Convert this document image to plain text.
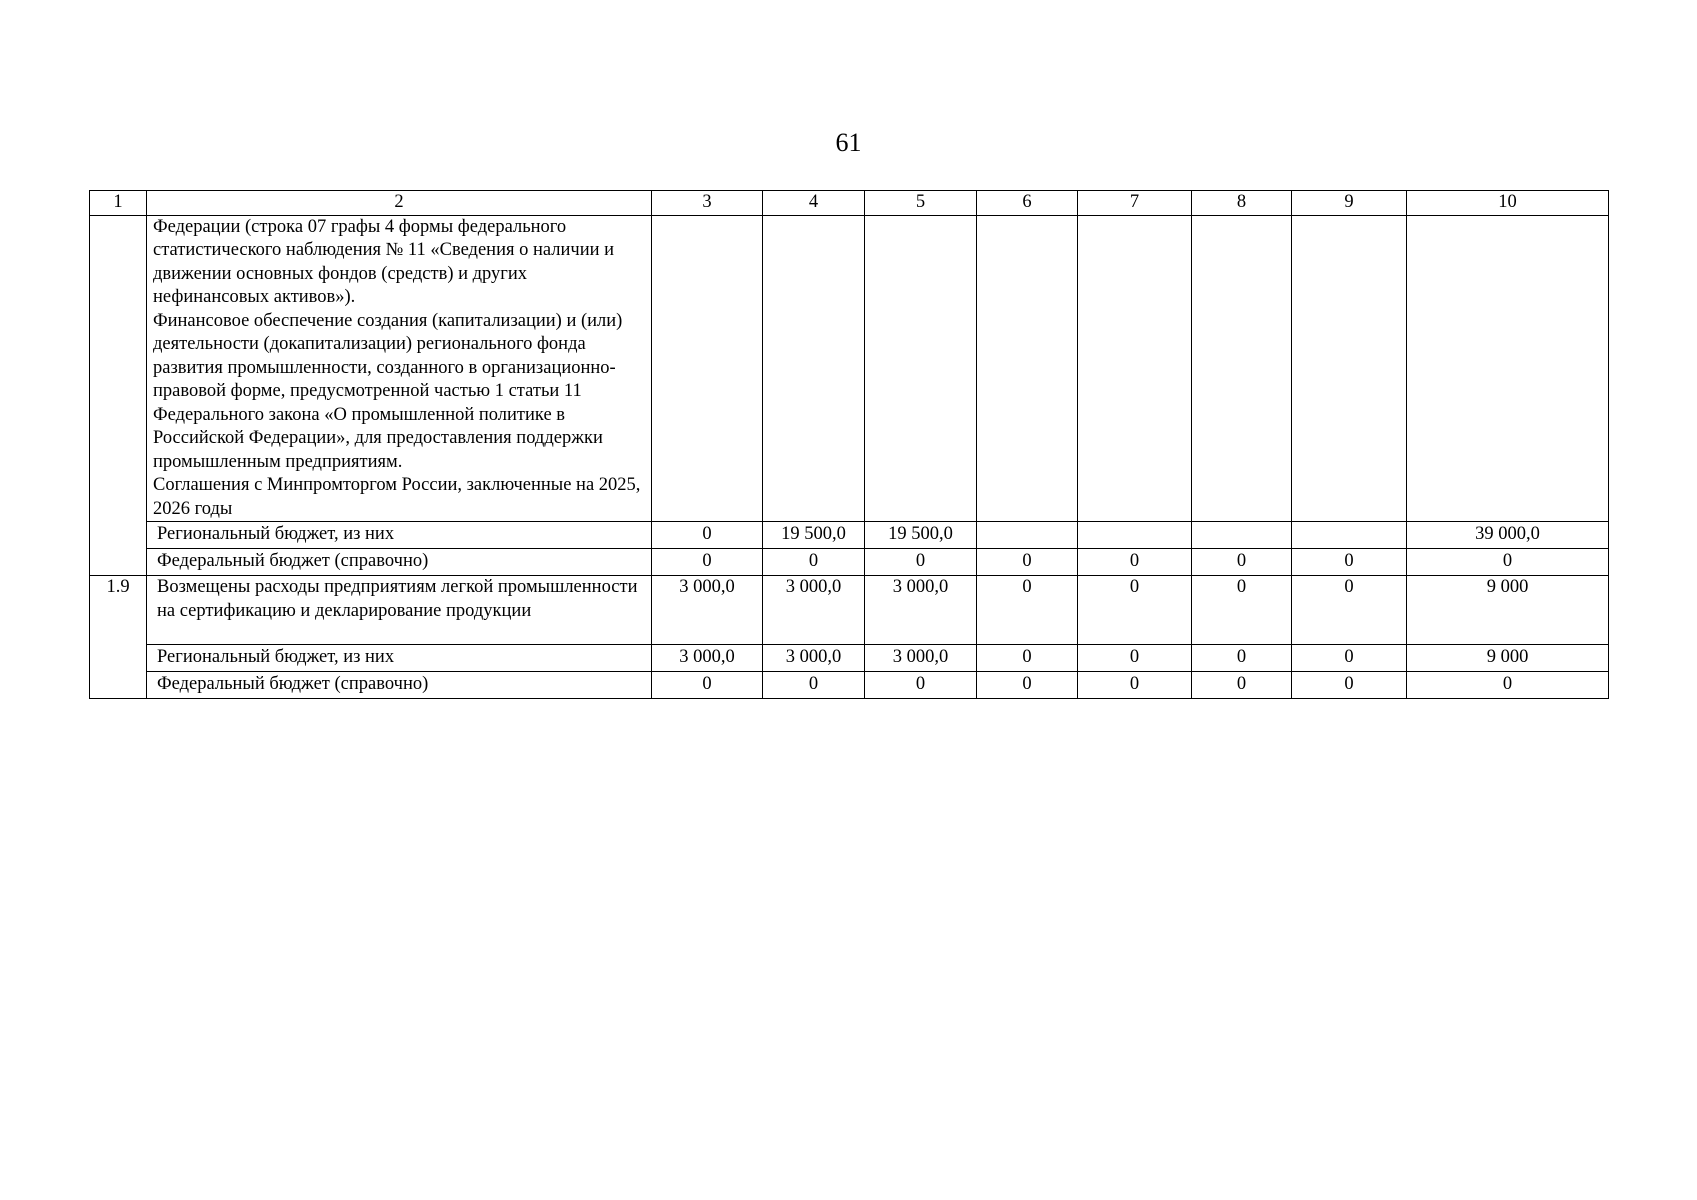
61
1	2	3	4	5	6	7	8	9	10

	Федерации (строка 07 графы 4 формы федерального статистического наблюдения № 11 «Сведения о наличии и движении основных фондов (средств) и других нефинансовых активов»).
Финансовое обеспечение создания (капитализации) и (или) деятельности (докапитализации) регионального фонда развития промышленности, созданного в организационно-правовой форме, предусмотренной частью 1 статьи 11 Федерального закона «О промышленной политике в Российской Федерации», для предоставления поддержки промышленным предприятиям.
Соглашения с Минпромторгом России, заключенные на 2025, 2026 годы								

	Региональный бюджет, из них	0	19 500,0	19 500,0					39 000,0
	Федеральный бюджет (справочно)	0	0	0	0	0	0	0	0
1.9	Возмещены расходы предприятиям легкой промышленности на сертификацию и декларирование продукции	3 000,0	3 000,0	3 000,0	0	0	0	0	9 000
	Региональный бюджет, из них	3 000,0	3 000,0	3 000,0	0	0	0	0	9 000
	Федеральный бюджет (справочно)	0	0	0	0	0	0	0	0
